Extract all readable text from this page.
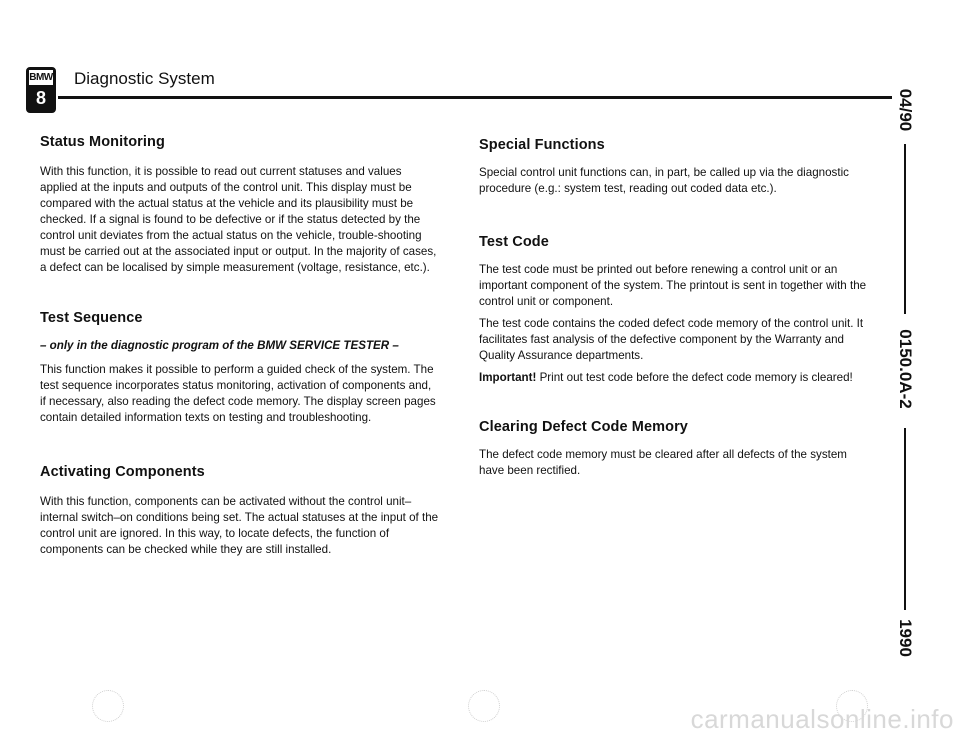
BMW
8
Diagnostic System
Status Monitoring

With this function, it is possible to read out current statuses and values applied at the inputs and outputs of the control unit. This display must be compared with the actual status at the vehicle and its plausibility must be checked. If a signal is found to be defective or if the status detected by the control unit deviates from the actual status on the vehicle, trouble-shooting must be carried out at the associated input or output. In the majority of cases, a defect can be localised by simple measurement (voltage, resistance, etc.).

Test Sequence

– only in the diagnostic program of the BMW SERVICE TESTER –

This function makes it possible to perform a guided check of the system. The test sequence incorporates status monitoring, activation of components and, if necessary, also reading the defect code memory. The display screen pages contain detailed information texts on testing and troubleshooting.

Activating Components

With this function, components can be activated without the control unit–internal switch–on conditions being set. The actual statuses at the input of the control unit are ignored. In this way, to locate defects, the function of components can be checked while they are still installed.

Special Functions

Special control unit functions can, in part, be called up via the diagnostic procedure (e.g.: system test, reading out coded data etc.).

Test Code

The test code must be printed out before renewing a control unit or an important component of the system. The printout is sent in together with the control unit or component.

The test code contains the coded defect code memory of the control unit. It facilitates fast analysis of the defective component by the Warranty and Quality Assurance departments.

Important! Print out test code before the defect code memory is cleared!

Clearing Defect Code Memory

The defect code memory must be cleared after all defects of the system have been rectified.

04/90
0150.0A-2
1990
carmanualsonline.info
